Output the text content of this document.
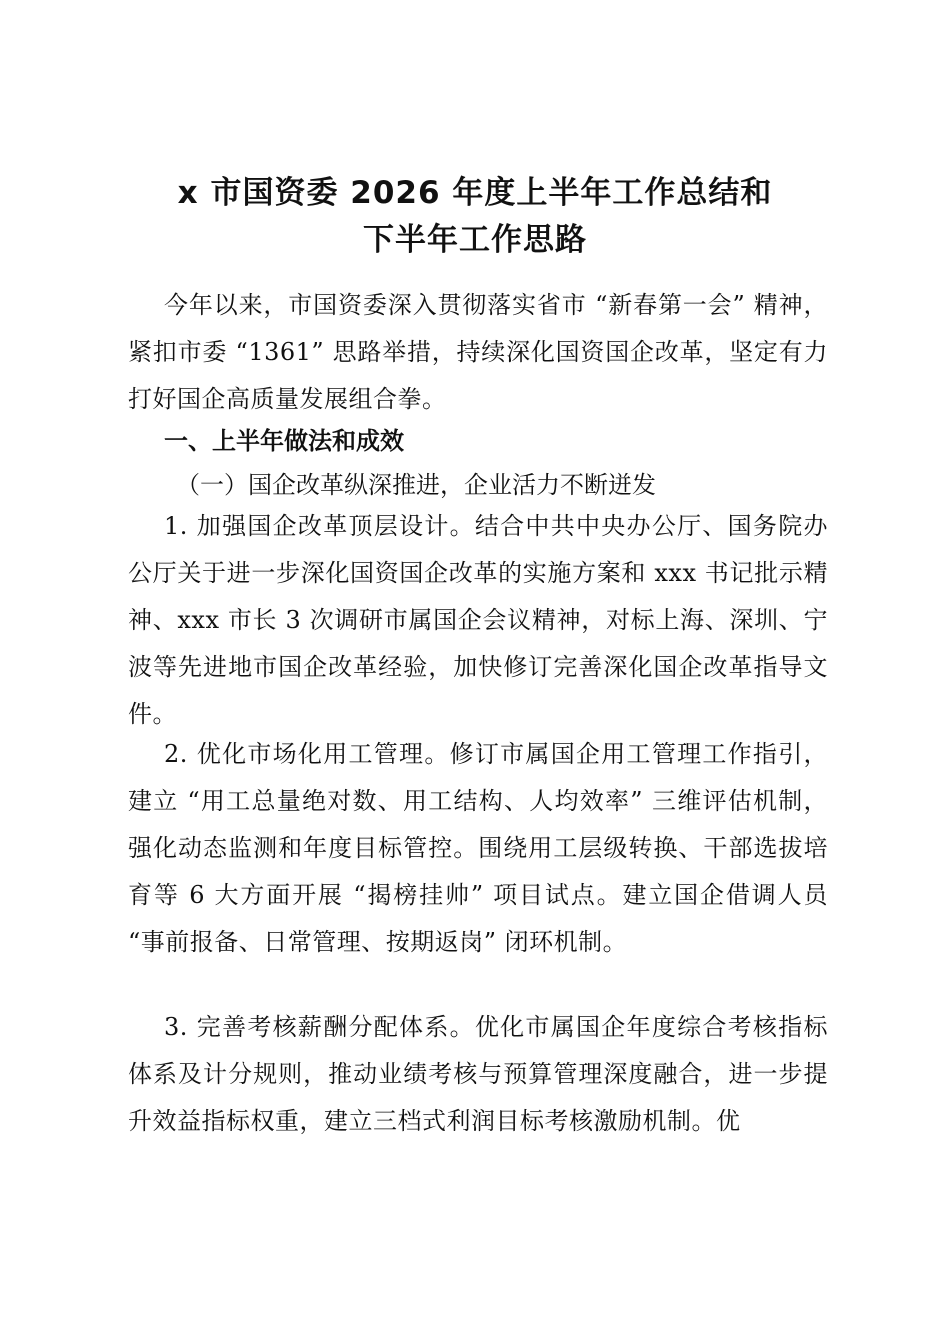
x 市国资委 2026 年度上半年工作总结和
下半年工作思路
今年以来，市国资委深入贯彻落实省市 “新春第一会” 精神，紧扣市委 “1361” 思路举措，持续深化国资国企改革，坚定有力打好国企高质量发展组合拳。
一、上半年做法和成效
（一）国企改革纵深推进，企业活力不断迸发
1. 加强国企改革顶层设计。结合中共中央办公厅、国务院办公厅关于进一步深化国资国企改革的实施方案和 xxx 书记批示精神、xxx 市长 3 次调研市属国企会议精神，对标上海、深圳、宁波等先进地市国企改革经验，加快修订完善深化国企改革指导文件。
2. 优化市场化用工管理。修订市属国企用工管理工作指引，建立 “用工总量绝对数、用工结构、人均效率” 三维评估机制，强化动态监测和年度目标管控。围绕用工层级转换、干部选拔培育等 6 大方面开展 “揭榜挂帅” 项目试点。建立国企借调人员 “事前报备、日常管理、按期返岗” 闭环机制。
3. 完善考核薪酬分配体系。优化市属国企年度综合考核指标体系及计分规则，推动业绩考核与预算管理深度融合，进一步提升效益指标权重，建立三档式利润目标考核激励机制。优
